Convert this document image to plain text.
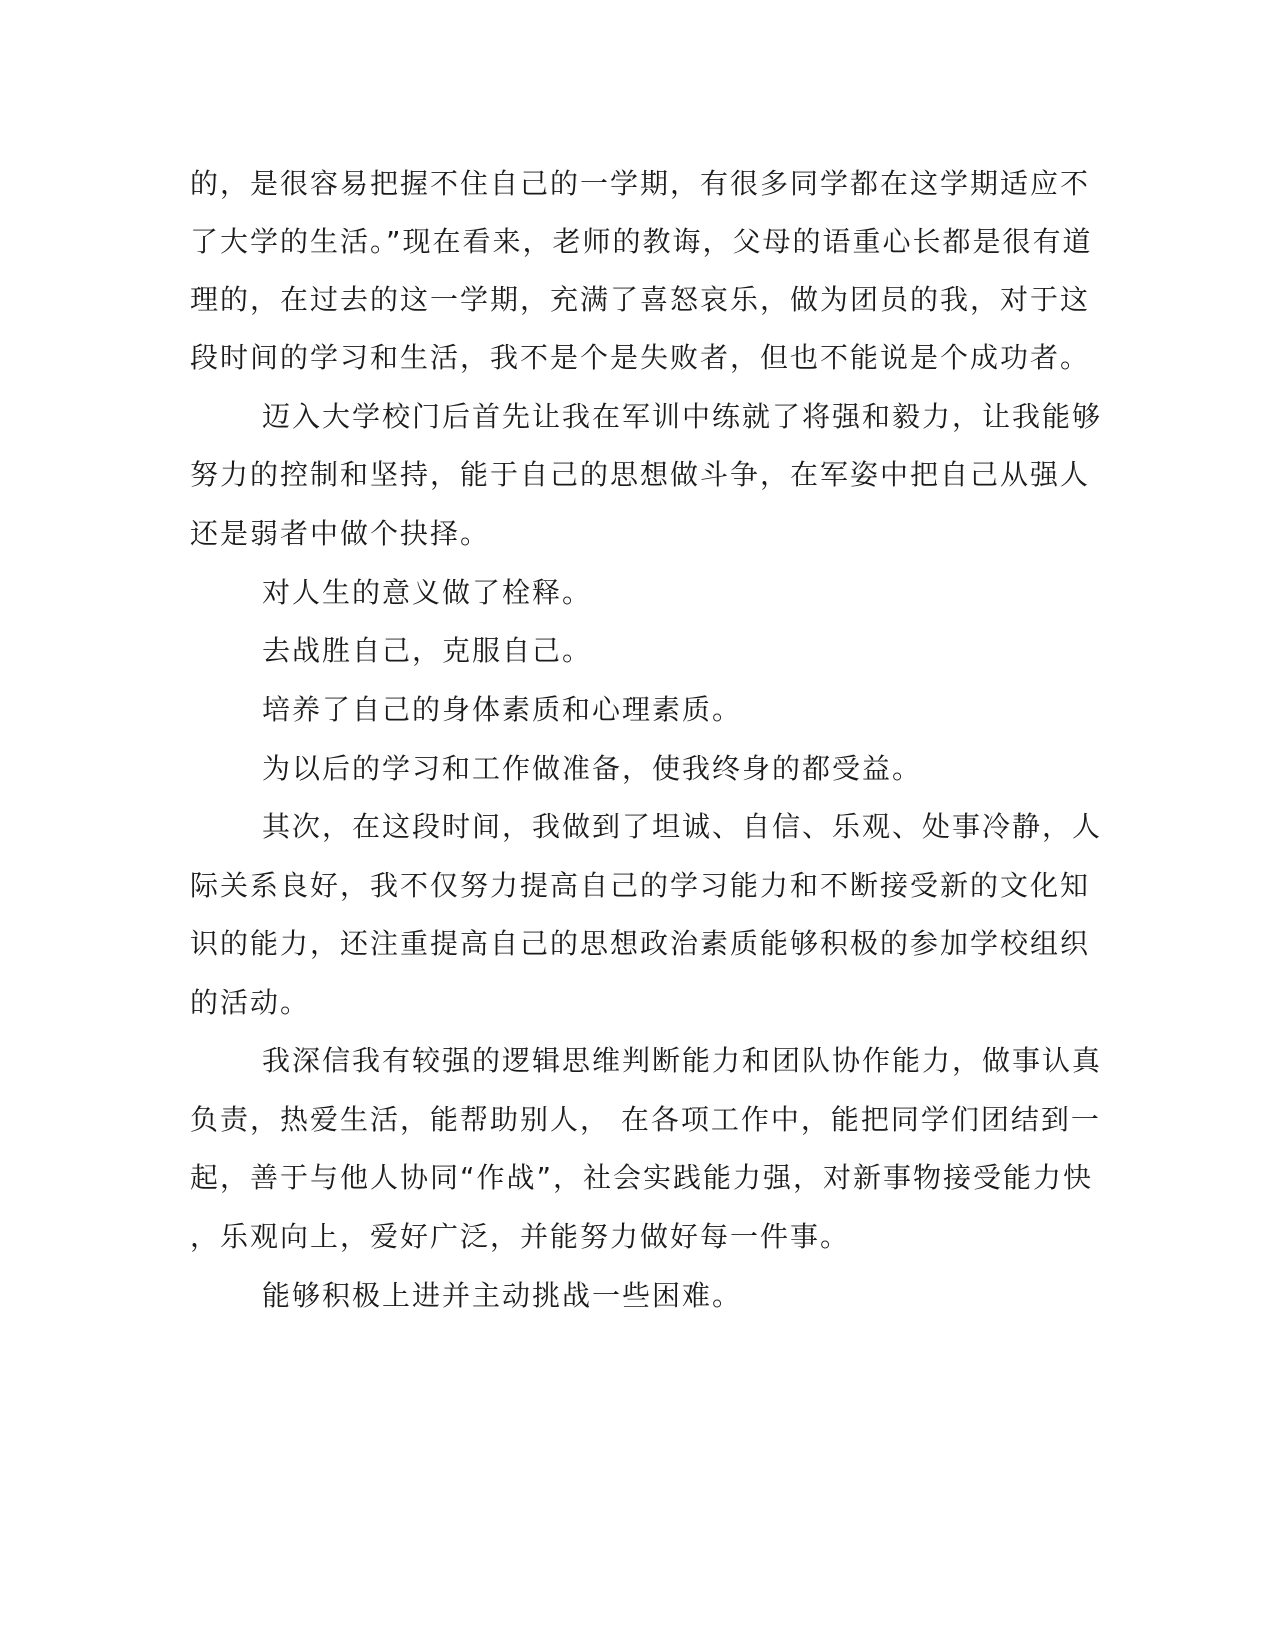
的，是很容易把握不住自己的一学期，有很多同学都在这学期适应不
了大学的生活。”现在看来，老师的教诲，父母的语重心长都是很有道
理的，在过去的这一学期，充满了喜怒哀乐，做为团员的我，对于这
段时间的学习和生活，我不是个是失败者，但也不能说是个成功者。
迈入大学校门后首先让我在军训中练就了将强和毅力，让我能够
努力的控制和坚持，能于自己的思想做斗争，在军姿中把自己从强人
还是弱者中做个抉择。
对人生的意义做了栓释。
去战胜自己，克服自己。
培养了自己的身体素质和心理素质。
为以后的学习和工作做准备，使我终身的都受益。
其次，在这段时间，我做到了坦诚、自信、乐观、处事冷静，人
际关系良好，我不仅努力提高自己的学习能力和不断接受新的文化知
识的能力，还注重提高自己的思想政治素质能够积极的参加学校组织
的活动。
我深信我有较强的逻辑思维判断能力和团队协作能力，做事认真
负责，热爱生活，能帮助别人， 在各项工作中，能把同学们团结到一
起，善于与他人协同“作战”，社会实践能力强，对新事物接受能力快
，乐观向上，爱好广泛，并能努力做好每一件事。
能够积极上进并主动挑战一些困难。
